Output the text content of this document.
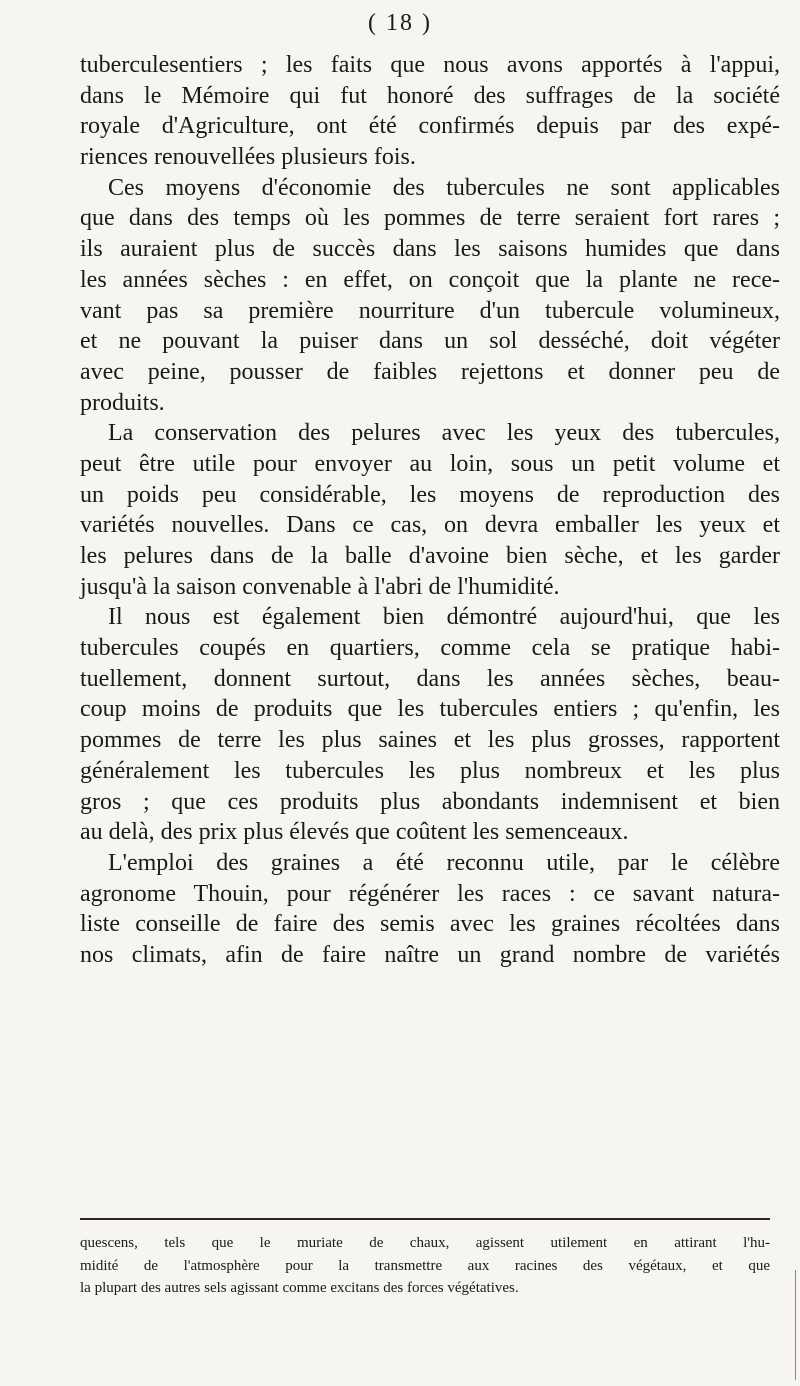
( 18 )
tuberculesentiers ; les faits que nous avons apportés à l'appui,
dans le Mémoire qui fut honoré des suffrages de la société
royale d'Agriculture, ont été confirmés depuis par des expé-
riences renouvellées plusieurs fois.
Ces moyens d'économie des tubercules ne sont applicables
que dans des temps où les pommes de terre seraient fort rares ;
ils auraient plus de succès dans les saisons humides que dans
les années sèches : en effet, on conçoit que la plante ne rece-
vant pas sa première nourriture d'un tubercule volumineux,
et ne pouvant la puiser dans un sol desséché, doit végéter
avec peine, pousser de faibles rejettons et donner peu de
produits.
La conservation des pelures avec les yeux des tubercules,
peut être utile pour envoyer au loin, sous un petit volume et
un poids peu considérable, les moyens de reproduction des
variétés nouvelles. Dans ce cas, on devra emballer les yeux et
les pelures dans de la balle d'avoine bien sèche, et les garder
jusqu'à la saison convenable à l'abri de l'humidité.
Il nous est également bien démontré aujourd'hui, que les
tubercules coupés en quartiers, comme cela se pratique habi-
tuellement, donnent surtout, dans les années sèches, beau-
coup moins de produits que les tubercules entiers ; qu'enfin, les
pommes de terre les plus saines et les plus grosses, rapportent
généralement les tubercules les plus nombreux et les plus
gros ; que ces produits plus abondants indemnisent et bien
au delà, des prix plus élevés que coûtent les semenceaux.
L'emploi des graines a été reconnu utile, par le célèbre
agronome Thouin, pour régénérer les races : ce savant natura-
liste conseille de faire des semis avec les graines récoltées dans
nos climats, afin de faire naître un grand nombre de variétés
quescens, tels que le muriate de chaux, agissent utilement en attirant l'hu-
midité de l'atmosphère pour la transmettre aux racines des végétaux, et que
la plupart des autres sels agissant comme excitans des forces végétatives.
